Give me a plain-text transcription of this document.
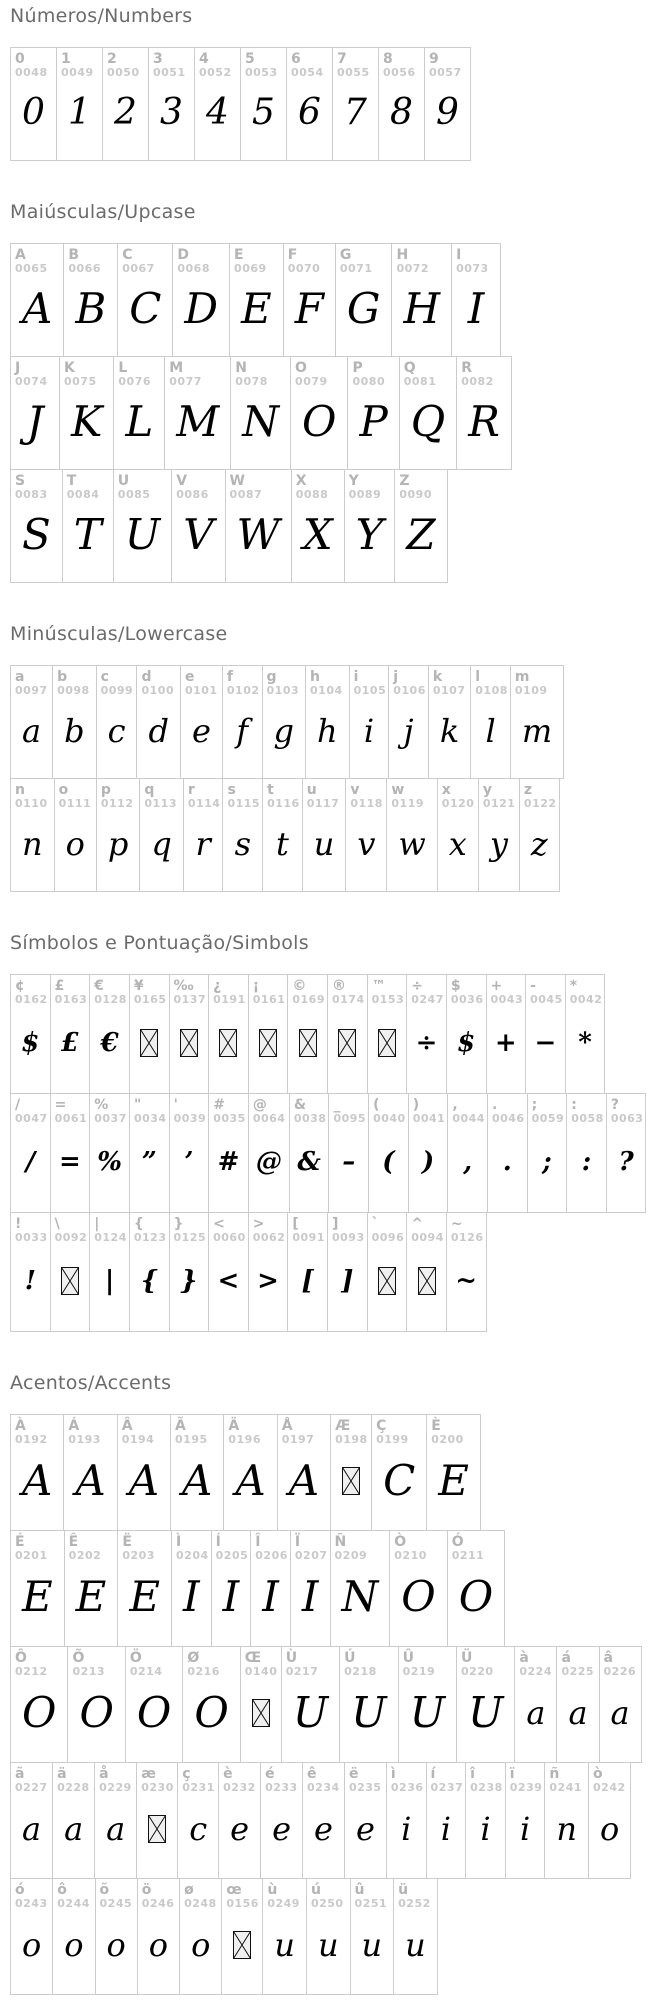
Números/Numbers
0
0048
0
1
0049
1
2
0050
2
3
0051
3
4
0052
4
5
0053
5
6
0054
6
7
0055
7
8
0056
8
9
0057
9
Maiúsculas/Upcase
A
0065
A
B
0066
B
C
0067
C
D
0068
D
E
0069
E
F
0070
F
G
0071
G
H
0072
H
I
0073
I
J
0074
J
K
0075
K
L
0076
L
M
0077
M
N
0078
N
O
0079
O
P
0080
P
Q
0081
Q
R
0082
R
S
0083
S
T
0084
T
U
0085
U
V
0086
V
W
0087
W
X
0088
X
Y
0089
Y
Z
0090
Z
Minúsculas/Lowercase
a
0097
a
b
0098
b
c
0099
c
d
0100
d
e
0101
e
f
0102
f
g
0103
g
h
0104
h
i
0105
i
j
0106
j
k
0107
k
l
0108
l
m
0109
m
n
0110
n
o
0111
o
p
0112
p
q
0113
q
r
0114
r
s
0115
s
t
0116
t
u
0117
u
v
0118
v
w
0119
w
x
0120
x
y
0121
y
z
0122
z
Símbolos e Pontuação/Simbols
¢
0162
$
£
0163
£
€
0128
€
¥
0165
‰
0137
¿
0191
¡
0161
©
0169
®
0174
™
0153
÷
0247
÷
$
0036
$
+
0043
+
-
0045
−
*
0042
*
/
0047
/
=
0061
=
%
0037
%
"
0034
”
'
0039
’
#
0035
#
@
0064
@
&
0038
&
_
0095
–
(
0040
(
)
0041
)
,
0044
,
.
0046
.
;
0059
;
:
0058
:
?
0063
?
!
0033
!
\
0092
|
0124
|
{
0123
{
}
0125
}
<
0060
<
>
0062
>
[
0091
[
]
0093
]
`
0096
^
0094
~
0126
~
Acentos/Accents
À
0192
A
Á
0193
A
Â
0194
A
Ã
0195
A
Ä
0196
A
Å
0197
A
Æ
0198
Ç
0199
C
È
0200
E
É
0201
E
Ê
0202
E
Ë
0203
E
Ì
0204
I
Í
0205
I
Î
0206
I
Ï
0207
I
Ñ
0209
N
Ò
0210
O
Ó
0211
O
Ô
0212
O
Õ
0213
O
Ö
0214
O
Ø
0216
O
Œ
0140
Ù
0217
U
Ú
0218
U
Û
0219
U
Ü
0220
U
à
0224
a
á
0225
a
â
0226
a
ã
0227
a
ä
0228
a
å
0229
a
æ
0230
ç
0231
c
è
0232
e
é
0233
e
ê
0234
e
ë
0235
e
ì
0236
i
í
0237
i
î
0238
i
ï
0239
i
ñ
0241
n
ò
0242
o
ó
0243
o
ô
0244
o
õ
0245
o
ö
0246
o
ø
0248
o
œ
0156
ù
0249
u
ú
0250
u
û
0251
u
ü
0252
u
